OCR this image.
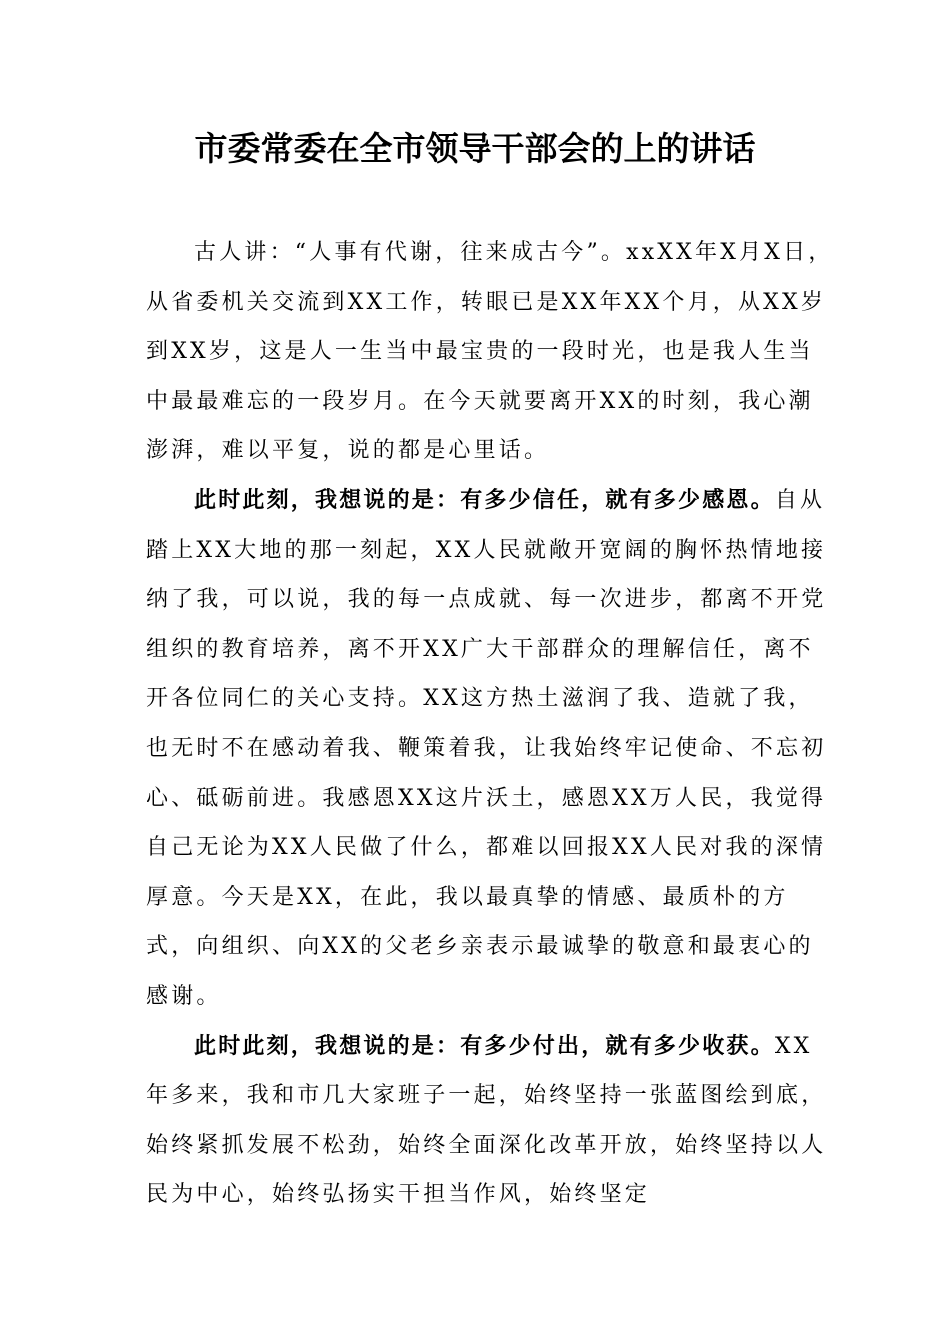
市委常委在全市领导干部会的上的讲话

古人讲：“人事有代谢，往来成古今”。xxXX年X月X日，从省委机关交流到XX工作，转眼已是XX年XX个月，从XX岁到XX岁，这是人一生当中最宝贵的一段时光，也是我人生当中最最难忘的一段岁月。在今天就要离开XX的时刻，我心潮澎湃，难以平复，说的都是心里话。

此时此刻，我想说的是：有多少信任，就有多少感恩。自从踏上XX大地的那一刻起，XX人民就敞开宽阔的胸怀热情地接纳了我，可以说，我的每一点成就、每一次进步，都离不开党组织的教育培养，离不开XX广大干部群众的理解信任，离不开各位同仁的关心支持。XX这方热土滋润了我、造就了我，也无时不在感动着我、鞭策着我，让我始终牢记使命、不忘初心、砥砺前进。我感恩XX这片沃土，感恩XX万人民，我觉得自己无论为XX人民做了什么，都难以回报XX人民对我的深情厚意。今天是XX，在此，我以最真挚的情感、最质朴的方式，向组织、向XX的父老乡亲表示最诚挚的敬意和最衷心的感谢。

此时此刻，我想说的是：有多少付出，就有多少收获。XX年多来，我和市几大家班子一起，始终坚持一张蓝图绘到底，始终紧抓发展不松劲，始终全面深化改革开放，始终坚持以人民为中心，始终弘扬实干担当作风，始终坚定
